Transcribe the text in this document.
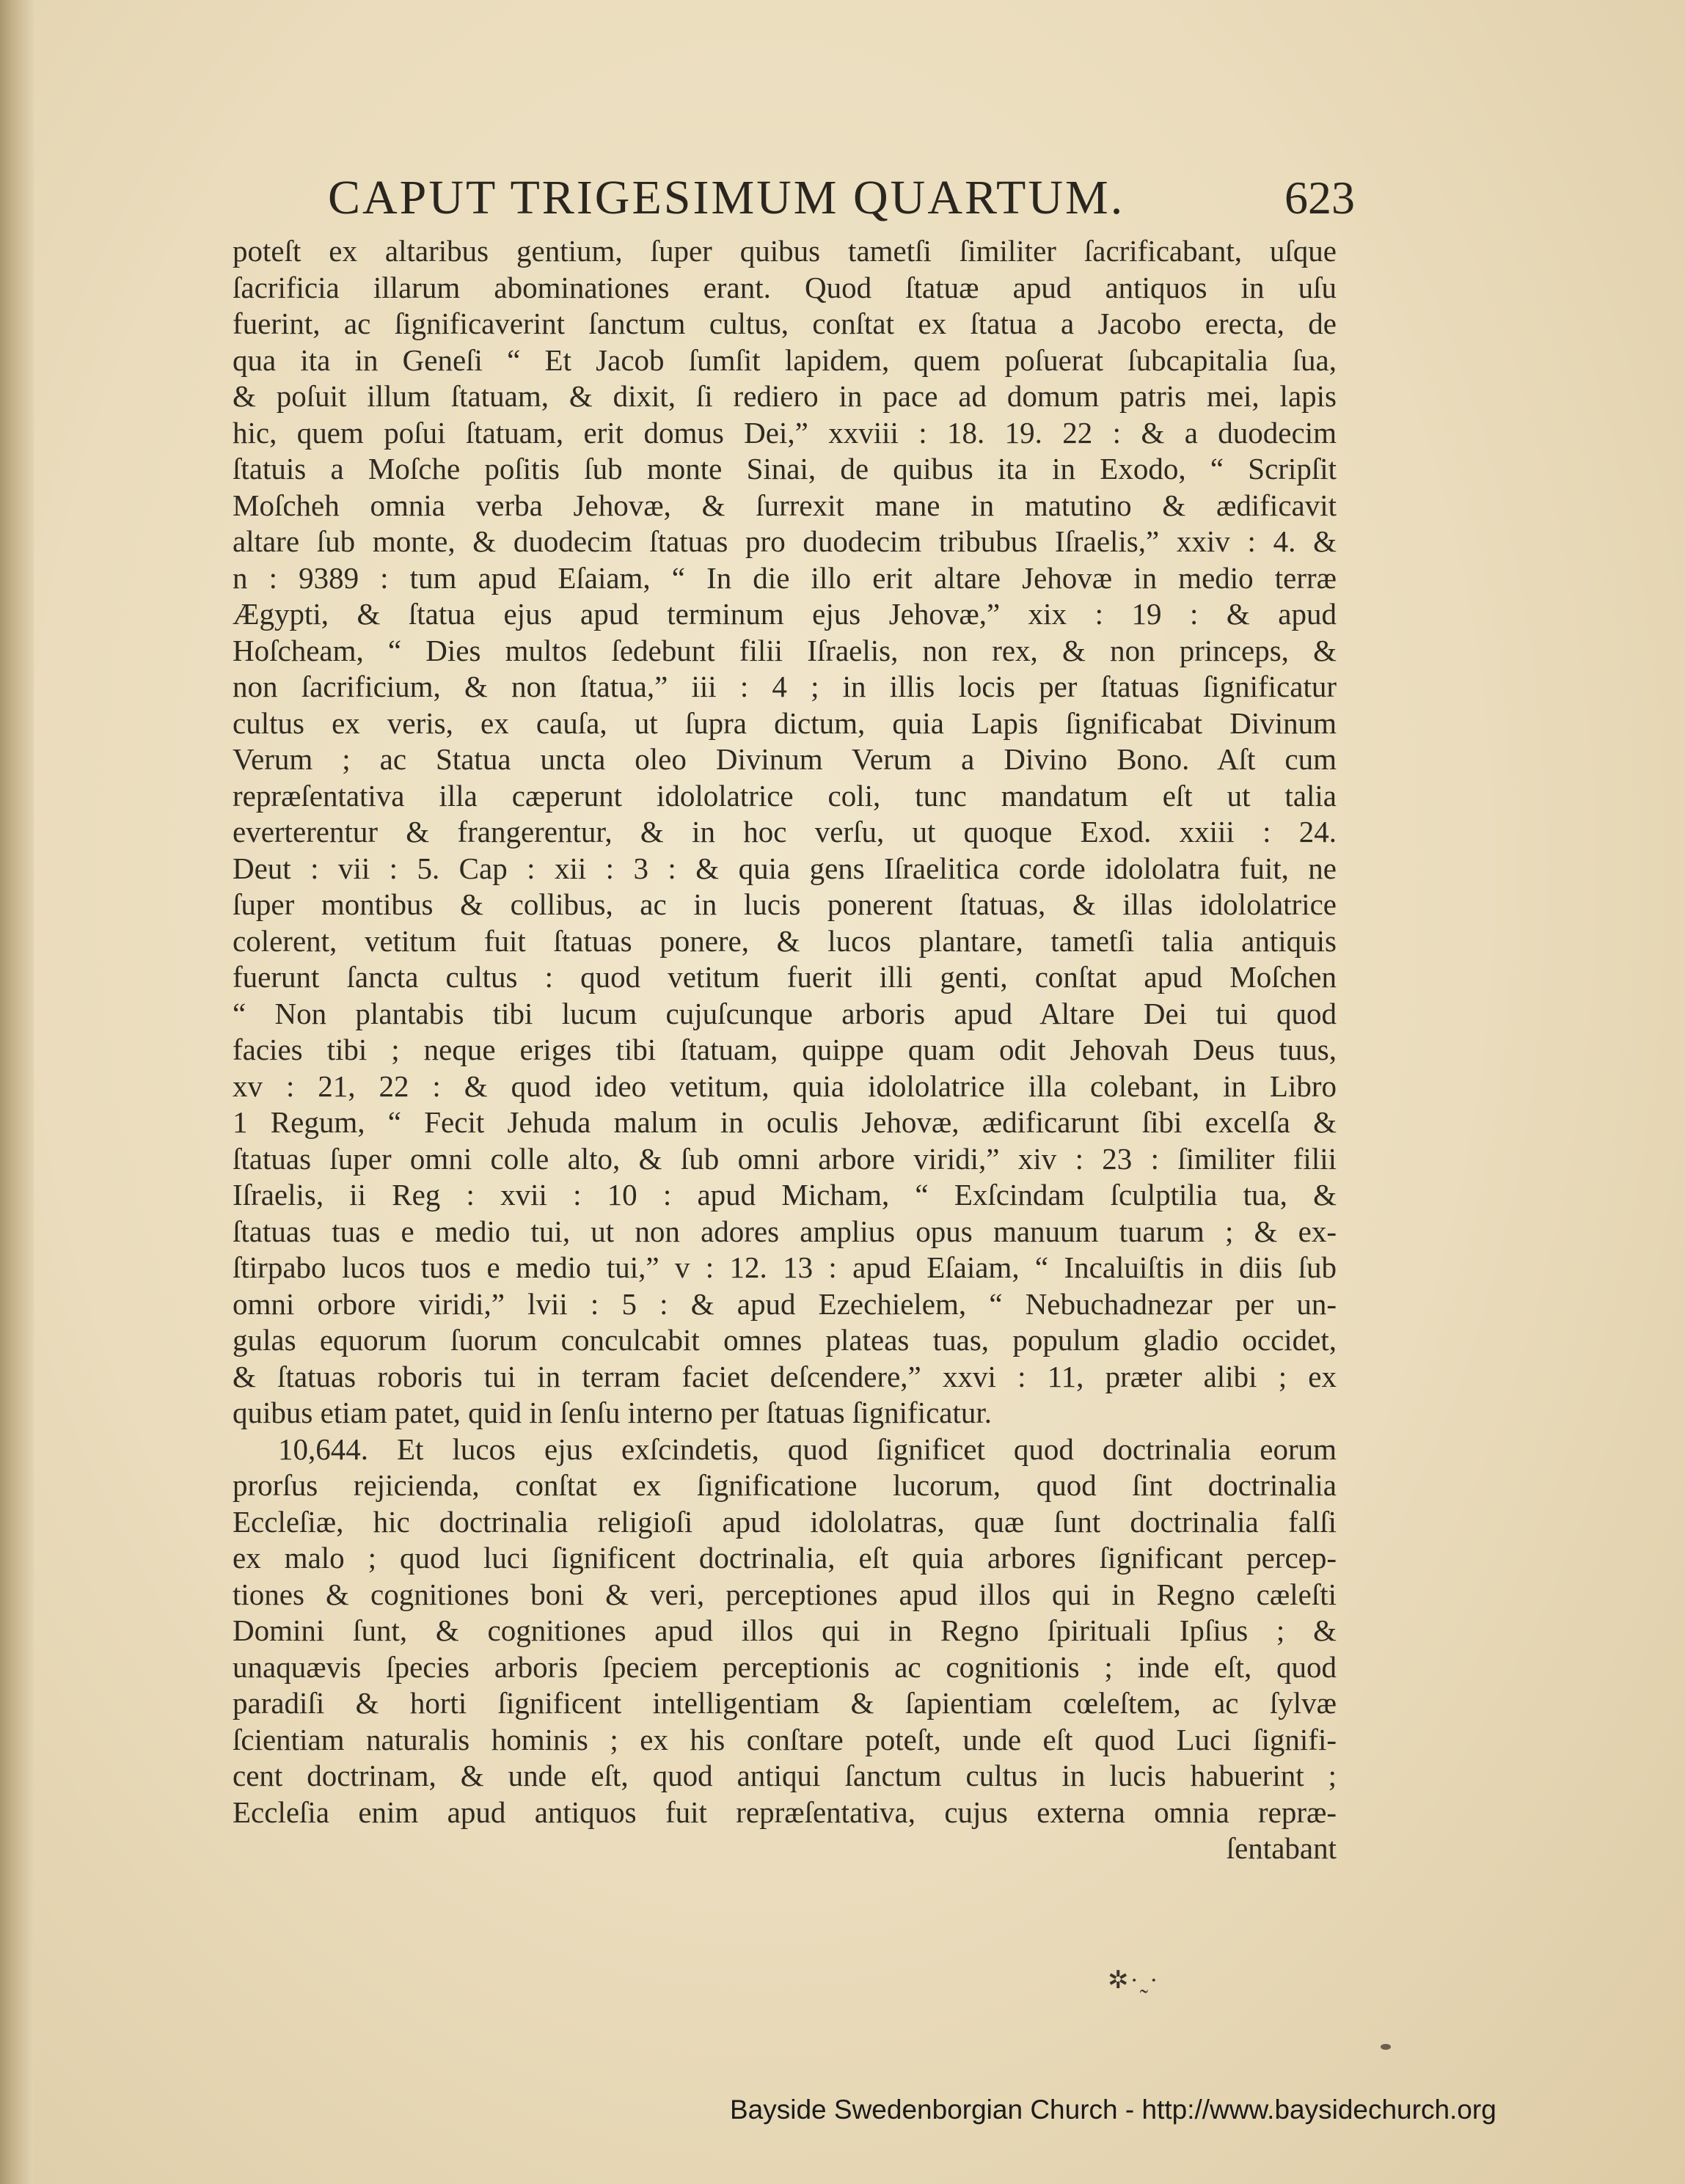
CAPUT TRIGESIMUM QUARTUM.	623
poteſt ex altaribus gentium, ſuper quibus tametſi ſimiliter ſacrificabant, uſque
ſacrificia illarum abominationes erant. Quod ſtatuæ apud antiquos in uſu
fuerint, ac ſignificaverint ſanctum cultus, conſtat ex ſtatua a Jacobo erecta, de
qua ita in Geneſi “ Et Jacob ſumſit lapidem, quem poſuerat ſubcapitalia ſua,
& poſuit illum ſtatuam, & dixit, ſi rediero in pace ad domum patris mei, lapis
hic, quem poſui ſtatuam, erit domus Dei,” xxviii : 18. 19. 22 : & a duodecim
ſtatuis a Moſche poſitis ſub monte Sinai, de quibus ita in Exodo, “ Scripſit
Moſcheh omnia verba Jehovæ, & ſurrexit mane in matutino & ædificavit
altare ſub monte, & duodecim ſtatuas pro duodecim tribubus Iſraelis,” xxiv : 4. &
n : 9389 : tum apud Eſaiam, “ In die illo erit altare Jehovæ in medio terræ
Ægypti, & ſtatua ejus apud terminum ejus Jehovæ,” xix : 19 : & apud
Hoſcheam, “ Dies multos ſedebunt filii Iſraelis, non rex, & non princeps, &
non ſacrificium, & non ſtatua,” iii : 4 ; in illis locis per ſtatuas ſignificatur
cultus ex veris, ex cauſa, ut ſupra dictum, quia Lapis ſignificabat Divinum
Verum ; ac Statua uncta oleo Divinum Verum a Divino Bono. Aſt cum
repræſentativa illa cæperunt idololatrice coli, tunc mandatum eſt ut talia
everterentur & frangerentur, & in hoc verſu, ut quoque Exod. xxiii : 24.
Deut : vii : 5. Cap : xii : 3 : & quia gens Iſraelitica corde idololatra fuit, ne
ſuper montibus & collibus, ac in lucis ponerent ſtatuas, & illas idololatrice
colerent, vetitum fuit ſtatuas ponere, & lucos plantare, tametſi talia antiquis
fuerunt ſancta cultus : quod vetitum fuerit illi genti, conſtat apud Moſchen
“ Non plantabis tibi lucum cujuſcunque arboris apud Altare Dei tui quod
facies tibi ; neque eriges tibi ſtatuam, quippe quam odit Jehovah Deus tuus,
xv : 21, 22 : & quod ideo vetitum, quia idololatrice illa colebant, in Libro
1 Regum, “ Fecit Jehuda malum in oculis Jehovæ, ædificarunt ſibi excelſa &
ſtatuas ſuper omni colle alto, & ſub omni arbore viridi,” xiv : 23 : ſimiliter filii
Iſraelis, ii Reg : xvii : 10 : apud Micham, “ Exſcindam ſculptilia tua, &
ſtatuas tuas e medio tui, ut non adores amplius opus manuum tuarum ; & ex-
ſtirpabo lucos tuos e medio tui,” v : 12. 13 : apud Eſaiam, “ Incaluiſtis in diis ſub
omni orbore viridi,” lvii : 5 : & apud Ezechielem, “ Nebuchadnezar per un-
gulas equorum ſuorum conculcabit omnes plateas tuas, populum gladio occidet,
& ſtatuas roboris tui in terram faciet deſcendere,” xxvi : 11, præter alibi ; ex
quibus etiam patet, quid in ſenſu interno per ſtatuas ſignificatur.
10,644. Et lucos ejus exſcindetis, quod ſignificet quod doctrinalia eorum
prorſus rejicienda, conſtat ex ſignificatione lucorum, quod ſint doctrinalia
Eccleſiæ, hic doctrinalia religioſi apud idololatras, quæ ſunt doctrinalia falſi
ex malo ; quod luci ſignificent doctrinalia, eſt quia arbores ſignificant percep-
tiones & cognitiones boni & veri, perceptiones apud illos qui in Regno cæleſti
Domini ſunt, & cognitiones apud illos qui in Regno ſpirituali Ipſius ; &
unaquævis ſpecies arboris ſpeciem perceptionis ac cognitionis ; inde eſt, quod
paradiſi & horti ſignificent intelligentiam & ſapientiam cœleſtem, ac ſylvæ
ſcientiam naturalis hominis ; ex his conſtare poteſt, unde eſt quod Luci ſignifi-
cent doctrinam, & unde eſt, quod antiqui ſanctum cultus in lucis habuerint ;
Eccleſia enim apud antiquos fuit repræſentativa, cujus externa omnia repræ-
ſentabant
✲·˷·
Bayside Swedenborgian Church - http://www.baysidechurch.org
